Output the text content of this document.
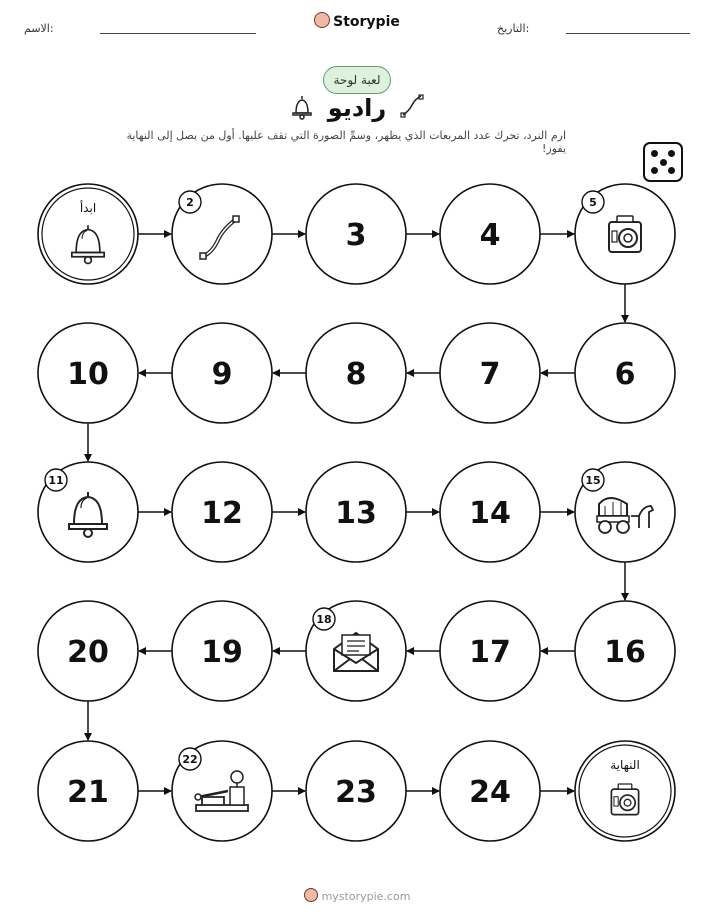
الاسم:	Storypie	التاريخ:
لعبة لوحة
راديو
ارم النرد، تحرك عدد المربعات الذي يظهر، وسمِّ الصورة التي تقف عليها. أول من يصل إلى النهاية يفوز!
ابدأ	2
3	4
5
6
7
8
9
10
11
12	13	14
15
16
17
18
19
20
21
22
23	24
النهاية
mystorypie.com
